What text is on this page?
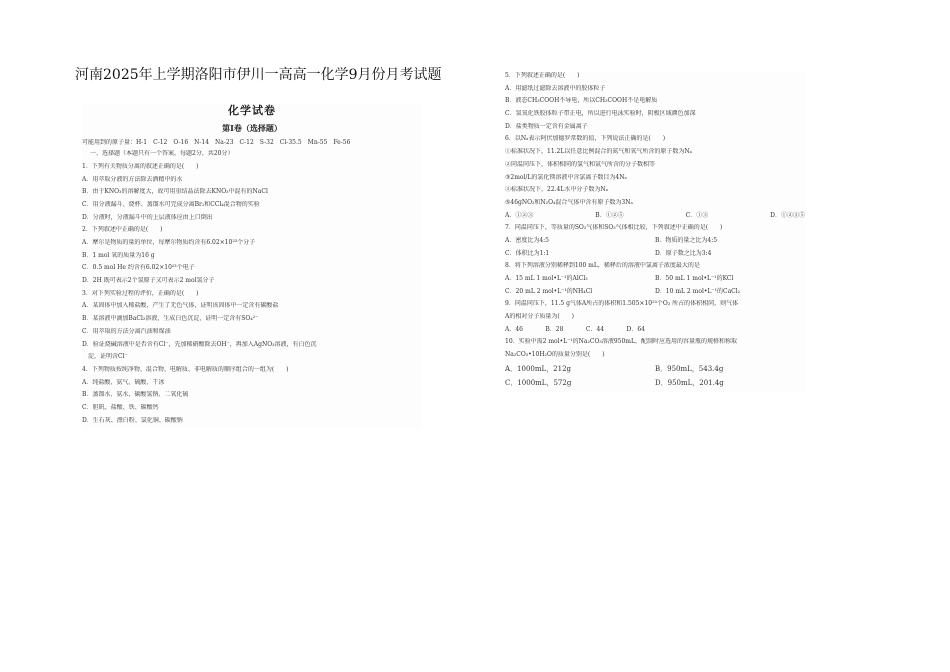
河南2025年上学期洛阳市伊川一高高一化学9月份月考试题
化学试卷
第Ⅰ卷（选择题）
可能用到的原子量：H-1　C-12　O-16　N-14　Na-23　C-12　S-32　Cl-35.5　Mn-55　Fe-56
一、选择题（本题只有一个答案，每题2分，共20分）
1．下列有关物质分离的叙述正确的是(　　)
A．用萃取分液的方法除去酒精中的水
B．由于KNO₃的溶解度大，故可用重结晶法除去KNO₃中混有的NaCl
C．用分液漏斗、烧杯、蒸馏水可完成分离Br₂和CCl₄混合物的实验
D．分液时，分液漏斗中的上层液体应由上口倒出
2．下列叙述中正确的是(　　)
A．摩尔是物质的量的单位，每摩尔物质约含有6.02×10²³个分子
B．1 mol 氧的质量为16 g
C．0.5 mol He 约含有6.02×10²³个电子
D．2H 既可表示2个氢原子又可表示2 mol氢分子
3．对下列实验过程的评价，正确的是(　　)
A．某固体中加入稀盐酸，产生了无色气体，证明该固体中一定含有碳酸盐
B．某溶液中滴加BaCl₂溶液，生成白色沉淀，证明一定含有SO₄²⁻
C．用萃取的方法分离汽油和煤油
D．验证烧碱溶液中是否含有Cl⁻，先加稀硝酸除去OH⁻，再加入AgNO₃溶液，有白色沉
　淀，证明含Cl⁻
4．下列物质按纯净物、混合物、电解质、非电解质的顺序组合的一组为(　　)
A．纯盐酸、氨气、硫酸、干冰
B．蒸馏水、氨水、碳酸氢钠、二氧化硫
C．胆矾、盐酸、铁、碳酸钙
D．生石灰、漂白粉、氯化铜、碳酸钠
5．下列叙述正确的是(　　)
A．用滤纸过滤除去溶液中的胶体粒子
B．液态CH₃COOH不导电，所以CH₃COOH不是电解质
C．氢氧化铁胶体粒子带正电，所以进行电泳实验时，阴极区域颜色加深
D．盐类物质一定含有金属离子
6．以Nₐ表示阿伏加德罗常数的值，下列说法正确的是(　　)
①标准状况下，11.2L以任意比例混合的氮气和氧气所含的原子数为Nₐ
②同温同压下，体积相同的氢气和氩气所含的分子数相等
③2mol/L的氯化镁溶液中含氯离子数目为4Nₐ
④标准状况下，22.4L水中分子数为Nₐ
⑤46gNO₂和N₂O₄混合气体中含有原子数为3Nₐ
A．①②③	B．①②⑤	C．①③	D．①②③⑤
7．同温同压下，等质量的SO₂气体和SO₃气体相比较，下列叙述中正确的是(　　)
A．密度比为4:5	B．物质的量之比为4:5
C．体积比为1:1	D．原子数之比为3:4
8．将下列溶液分别稀释到100 mL，稀释后的溶液中氯离子浓度最大的是
A．15 mL 1 mol•L⁻¹的AlCl₃	B．50 mL 1 mol•L⁻¹的KCl
C．20 mL 2 mol•L⁻¹的NH₄Cl	D．10 mL 2 mol•L⁻¹的CaCl₂
9．同温同压下，11.5 g气体A所占的体积和1.505×10²³个O₂ 所占的体积相同，则气体
A的相对分子质量为(　　)
A．46	B．28	C．44	D．64
10．实验中需2 mol•L⁻¹的Na₂CO₃溶液950mL，配制时应选用的容量瓶的规格和称取
Na₂CO₃•10H₂O的质量分别是(　　)
A．1000mL，212g	B．950mL，543.4g
C．1000mL，572g	D．950mL，201.4g
